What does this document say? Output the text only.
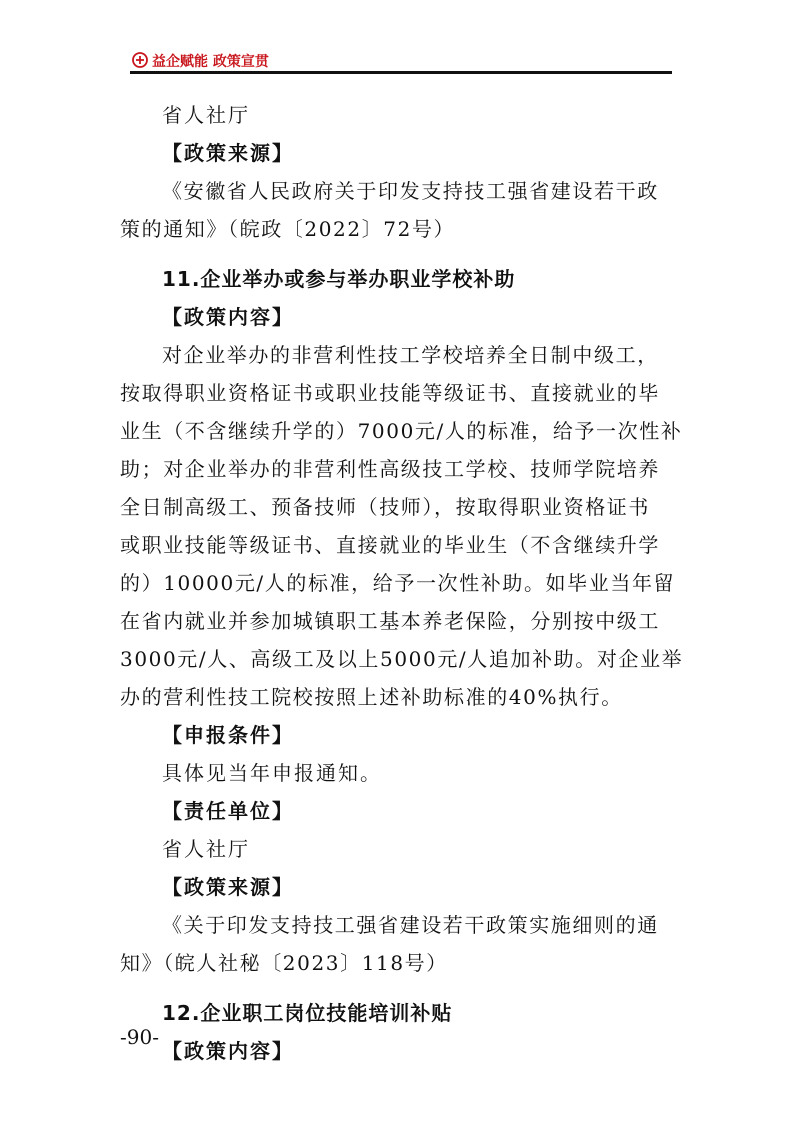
益企赋能 政策宣贯
省人社厅
【政策来源】
《安徽省人民政府关于印发支持技工强省建设若干政
策的通知》（皖政〔2022〕72号）
11.企业举办或参与举办职业学校补助
【政策内容】
对企业举办的非营利性技工学校培养全日制中级工，
按取得职业资格证书或职业技能等级证书、直接就业的毕
业生（不含继续升学的）7000元/人的标准，给予一次性补
助；对企业举办的非营利性高级技工学校、技师学院培养
全日制高级工、预备技师（技师），按取得职业资格证书
或职业技能等级证书、直接就业的毕业生（不含继续升学
的）10000元/人的标准，给予一次性补助。如毕业当年留
在省内就业并参加城镇职工基本养老保险，分别按中级工
3000元/人、高级工及以上5000元/人追加补助。对企业举
办的营利性技工院校按照上述补助标准的40%执行。
【申报条件】
具体见当年申报通知。
【责任单位】
省人社厅
【政策来源】
《关于印发支持技工强省建设若干政策实施细则的通
知》（皖人社秘〔2023〕118号）
12.企业职工岗位技能培训补贴
【政策内容】
-90-
